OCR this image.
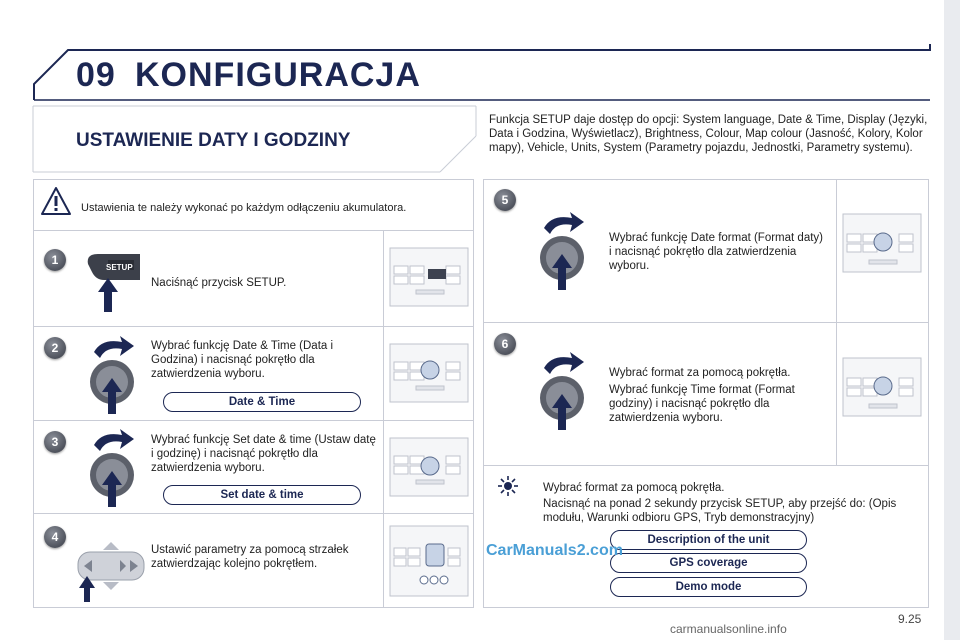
09 KONFIGURACJA
USTAWIENIE DATY I GODZINY
Funkcja SETUP daje dostęp do opcji: System language, Date & Time, Display (Języki, Data i Godzina, Wyświetlacz), Brightness, Colour, Map colour (Jasność, Kolory, Kolor mapy), Vehicle, Units, System (Parametry pojazdu, Jednostki, Parametry systemu).
Ustawienia te należy wykonać po każdym odłączeniu akumulatora.
1
SETUP
Naciśnąć przycisk SETUP.
2	Wybrać funkcję Date & Time (Data i Godzina) i nacisnąć pokrętło dla zatwierdzenia wyboru.
Date & Time
3	Wybrać funkcję Set date & time (Ustaw datę i godzinę) i nacisnąć pokrętło dla zatwierdzenia wyboru.
Set date & time
4
Ustawić parametry za pomocą strzałek zatwierdzając kolejno pokrętłem.
5
Wybrać funkcję Date format (Format daty) i nacisnąć pokrętło dla zatwierdzenia wyboru.
6
Wybrać format za pomocą pokrętła.
Wybrać funkcję Time format (Format godziny) i nacisnąć pokrętło dla zatwierdzenia wyboru.
Wybrać format za pomocą pokrętła.
Nacisnąć na ponad 2 sekundy przycisk SETUP, aby przejść do: (Opis modułu, Warunki odbioru GPS, Tryb demonstracyjny)
Description of the unit
GPS coverage
Demo mode
CarManuals2.com
9.25
carmanualsonline.info
